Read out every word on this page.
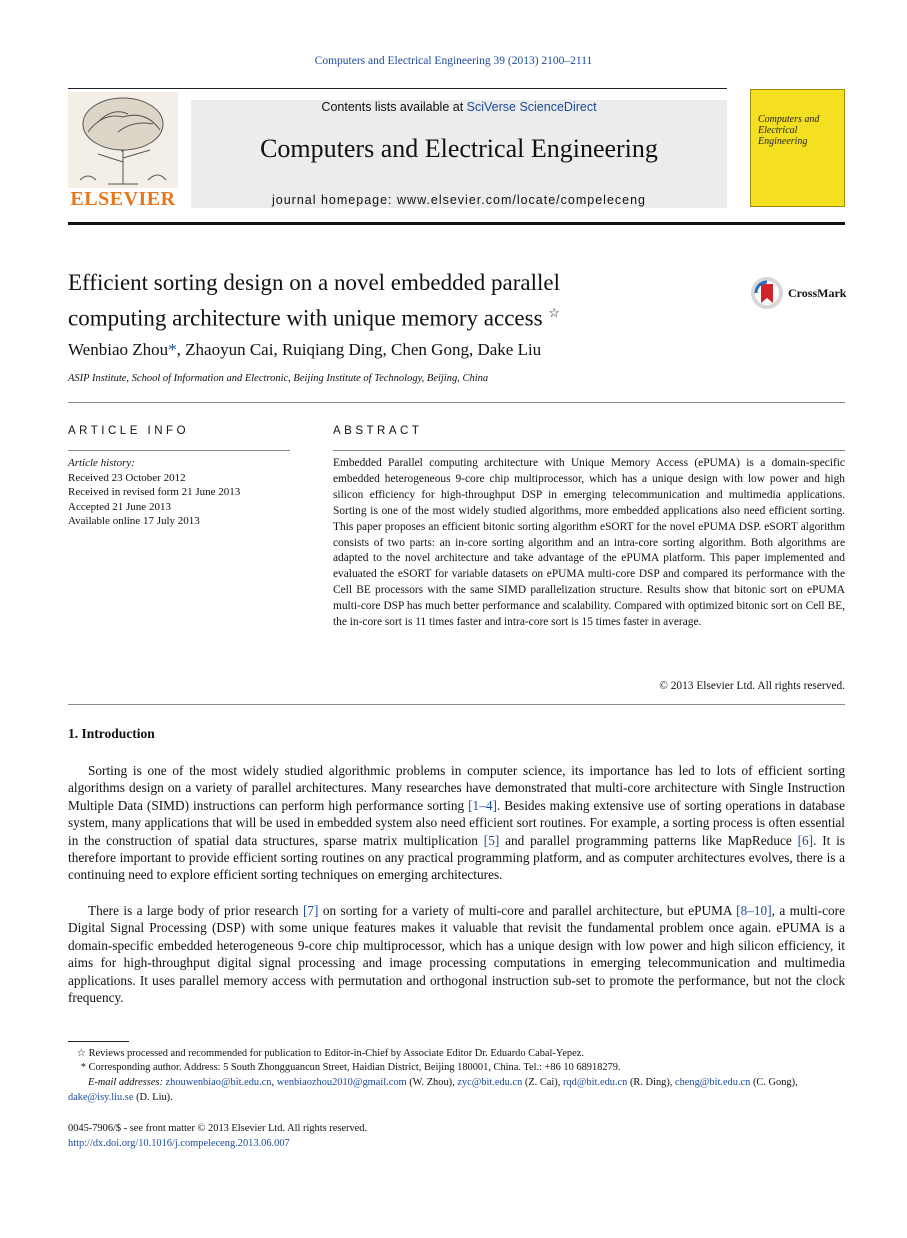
Computers and Electrical Engineering 39 (2013) 2100–2111
ELSEVIER
Contents lists available at SciVerse ScienceDirect
Computers and Electrical Engineering
journal homepage: www.elsevier.com/locate/compeleceng
Computers and Electrical Engineering
Efficient sorting design on a novel embedded parallel
computing architecture with unique memory access ☆
CrossMark
Wenbiao Zhou*, Zhaoyun Cai, Ruiqiang Ding, Chen Gong, Dake Liu
ASIP Institute, School of Information and Electronic, Beijing Institute of Technology, Beijing, China
ARTICLE INFO
Article history:
Received 23 October 2012
Received in revised form 21 June 2013
Accepted 21 June 2013
Available online 17 July 2013
ABSTRACT
Embedded Parallel computing architecture with Unique Memory Access (ePUMA) is a domain-specific embedded heterogeneous 9-core chip multiprocessor, which has a unique design with low power and high silicon efficiency for high-throughput DSP in emerging telecommunication and multimedia applications. Sorting is one of the most widely studied algorithms, more embedded applications also need efficient sorting. This paper proposes an efficient bitonic sorting algorithm eSORT for the novel ePUMA DSP. eSORT algorithm consists of two parts: an in-core sorting algorithm and an intra-core sorting algorithm. Both algorithms are adapted to the novel architecture and take advantage of the ePUMA platform. This paper implemented and evaluated the eSORT for variable datasets on ePUMA multi-core DSP and compared its performance with the Cell BE processors with the same SIMD parallelization structure. Results show that bitonic sort on ePUMA multi-core DSP has much better performance and scalability. Compared with optimized bitonic sort on Cell BE, the in-core sort is 11 times faster and intra-core sort is 15 times faster in average.
© 2013 Elsevier Ltd. All rights reserved.
1. Introduction
Sorting is one of the most widely studied algorithmic problems in computer science, its importance has led to lots of efficient sorting algorithms design on a variety of parallel architectures. Many researches have demonstrated that multi-core architecture with Single Instruction Multiple Data (SIMD) instructions can perform high performance sorting [1–4]. Besides making extensive use of sorting operations in database system, many applications that will be used in embedded system also need efficient sort routines. For example, a sorting process is often essential in the construction of spatial data structures, sparse matrix multiplication [5] and parallel programming patterns like MapReduce [6]. It is therefore important to provide efficient sorting routines on any practical programming platform, and as computer architectures evolves, there is a continuing need to explore efficient sorting techniques on emerging architectures.
There is a large body of prior research [7] on sorting for a variety of multi-core and parallel architecture, but ePUMA [8–10], a multi-core Digital Signal Processing (DSP) with some unique features makes it valuable that revisit the fundamental problem once again. ePUMA is a domain-specific embedded heterogeneous 9-core chip multiprocessor, which has a unique design with low power and high silicon efficiency, it aims for high-throughput digital signal processing and image processing computations in emerging telecommunication and multimedia applications. It uses parallel memory access with permutation and orthogonal instruction sub-set to promote the performance, but not the clock frequency.
☆ Reviews processed and recommended for publication to Editor-in-Chief by Associate Editor Dr. Eduardo Cabal-Yepez.
* Corresponding author. Address: 5 South Zhongguancun Street, Haidian District, Beijing 180001, China. Tel.: +86 10 68918279.
E-mail addresses: zhouwenbiao@bit.edu.cn, wenbiaozhou2010@gmail.com (W. Zhou), zyc@bit.edu.cn (Z. Cai), rqd@bit.edu.cn (R. Ding), cheng@bit.edu.cn (C. Gong), dake@isy.liu.se (D. Liu).
0045-7906/$ - see front matter © 2013 Elsevier Ltd. All rights reserved.
http://dx.doi.org/10.1016/j.compeleceng.2013.06.007
